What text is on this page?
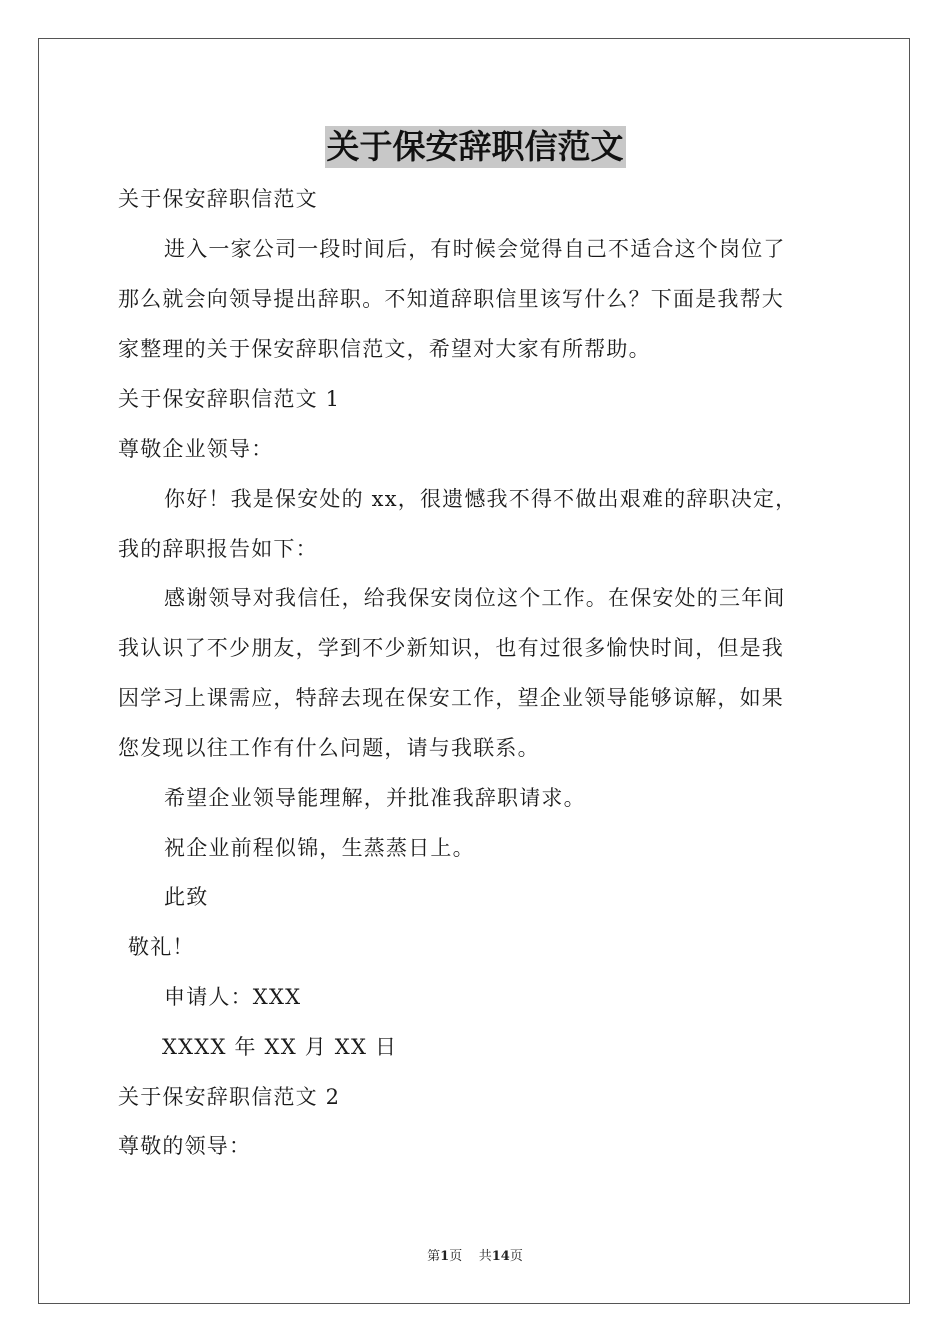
关于保安辞职信范文
关于保安辞职信范文
进入一家公司一段时间后，有时候会觉得自己不适合这个岗位了
那么就会向领导提出辞职。不知道辞职信里该写什么？下面是我帮大
家整理的关于保安辞职信范文，希望对大家有所帮助。
关于保安辞职信范文 1
尊敬企业领导：
你好！我是保安处的 xx，很遗憾我不得不做出艰难的辞职决定，
我的辞职报告如下：
感谢领导对我信任，给我保安岗位这个工作。在保安处的三年间
我认识了不少朋友，学到不少新知识，也有过很多愉快时间，但是我
因学习上课需应，特辞去现在保安工作，望企业领导能够谅解，如果
您发现以往工作有什么问题，请与我联系。
希望企业领导能理解，并批准我辞职请求。
祝企业前程似锦，生蒸蒸日上。
此致
敬礼！
申请人：XXX
XXXX 年 XX 月 XX 日
关于保安辞职信范文 2
尊敬的领导：
第1页 共14页
